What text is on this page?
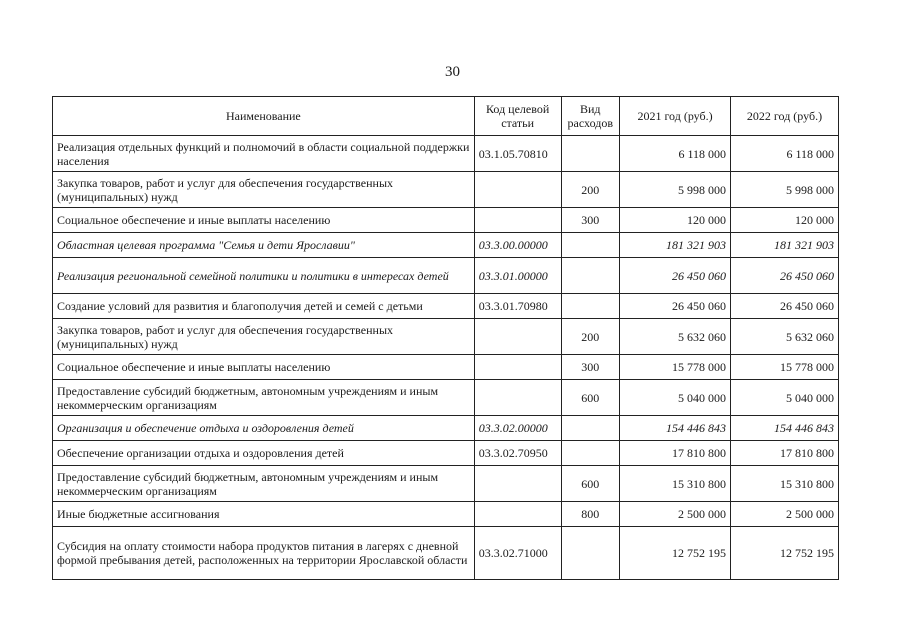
30
Наименование	Код целевой статьи	Вид расходов	2021 год (руб.)	2022 год (руб.)
Реализация отдельных функций и полномочий в области социальной поддержки населения	03.1.05.70810		6 118 000	6 118 000
Закупка товаров, работ и услуг для обеспечения государственных (муниципальных) нужд		200	5 998 000	5 998 000
Социальное обеспечение и иные выплаты населению		300	120 000	120 000
Областная целевая программа "Семья и дети Ярославии"	03.3.00.00000		181 321 903	181 321 903
Реализация региональной семейной политики и политики в интересах детей	03.3.01.00000		26 450 060	26 450 060
Создание условий для развития и благополучия детей и семей с детьми	03.3.01.70980		26 450 060	26 450 060
Закупка товаров, работ и услуг для обеспечения государственных (муниципальных) нужд		200	5 632 060	5 632 060
Социальное обеспечение и иные выплаты населению		300	15 778 000	15 778 000
Предоставление субсидий бюджетным, автономным учреждениям и иным некоммерческим организациям		600	5 040 000	5 040 000
Организация и обеспечение отдыха и оздоровления детей	03.3.02.00000		154 446 843	154 446 843
Обеспечение организации отдыха и оздоровления детей	03.3.02.70950		17 810 800	17 810 800
Предоставление субсидий бюджетным, автономным учреждениям и иным некоммерческим организациям		600	15 310 800	15 310 800
Иные бюджетные ассигнования		800	2 500 000	2 500 000
Субсидия на оплату стоимости набора продуктов питания в лагерях с дневной формой пребывания детей, расположенных на территории Ярославской области	03.3.02.71000		12 752 195	12 752 195
